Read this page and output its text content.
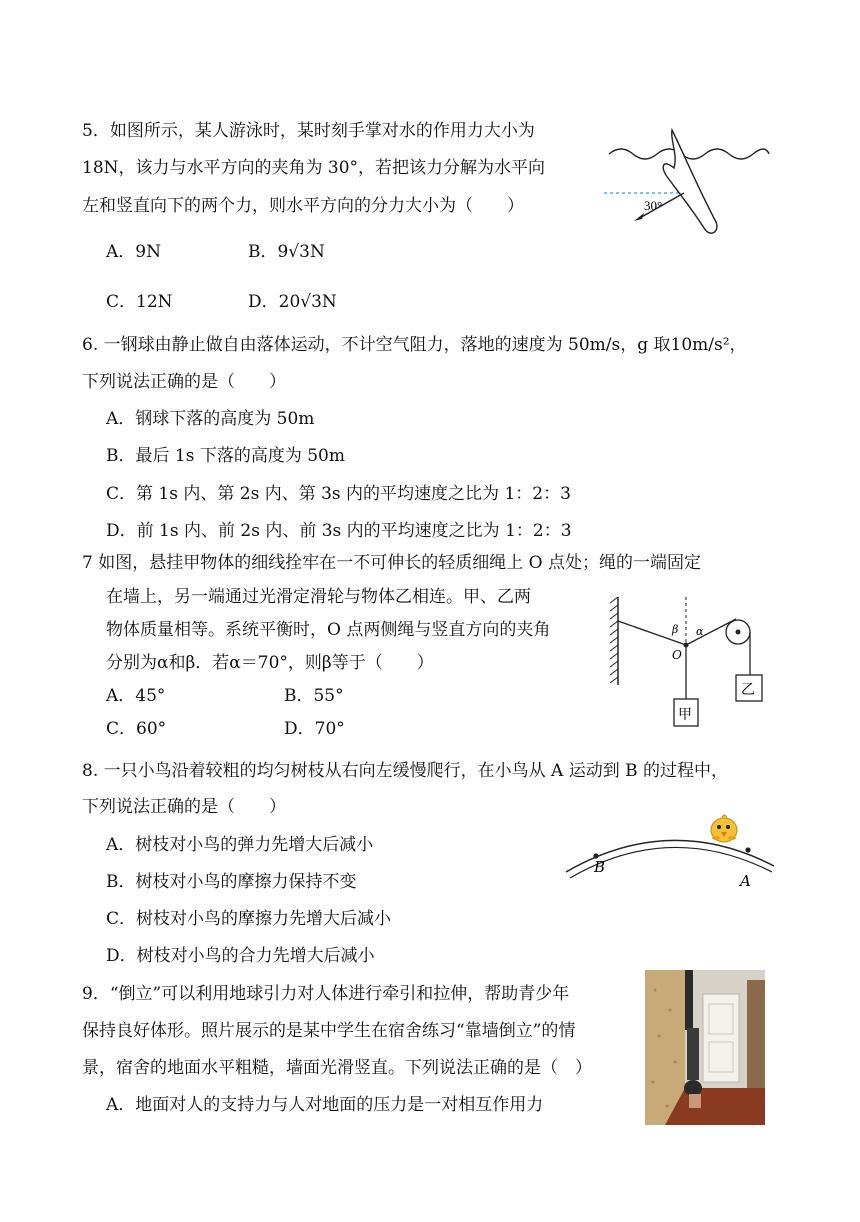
5．如图所示，某人游泳时，某时刻手掌对水的作用力大小为
18N，该力与水平方向的夹角为 30°，若把该力分解为水平向
左和竖直向下的两个力，则水平方向的分力大小为（　　）
A．9N	B．9√3N
C．12N	D．20√3N
30°
6. 一钢球由静止做自由落体运动，不计空气阻力，落地的速度为 50m/s，g 取10m/s²，
下列说法正确的是（　　）
A．钢球下落的高度为 50m
B．最后 1s 下落的高度为 50m
C．第 1s 内、第 2s 内、第 3s 内的平均速度之比为 1：2：3
D．前 1s 内、前 2s 内、前 3s 内的平均速度之比为 1：2：3
7 如图，悬挂甲物体的细线拴牢在一不可伸长的轻质细绳上 O 点处；绳的一端固定
在墙上，另一端通过光滑定滑轮与物体乙相连。甲、乙两
物体质量相等。系统平衡时，O 点两侧绳与竖直方向的夹角
分别为α和β．若α＝70°，则β等于（　　）
A．45°	B．55°
C．60°	D．70°
β α
O
甲
乙
8. 一只小鸟沿着较粗的均匀树枝从右向左缓慢爬行，在小鸟从 A 运动到 B 的过程中，
下列说法正确的是（　　）
A．树枝对小鸟的弹力先增大后减小
B．树枝对小鸟的摩擦力保持不变
C．树枝对小鸟的摩擦力先增大后减小
D．树枝对小鸟的合力先增大后减小
B
A
9．“倒立”可以利用地球引力对人体进行牵引和拉伸，帮助青少年
保持良好体形。照片展示的是某中学生在宿舍练习“靠墙倒立”的情
景，宿舍的地面水平粗糙，墙面光滑竖直。下列说法正确的是（　）
A．地面对人的支持力与人对地面的压力是一对相互作用力
